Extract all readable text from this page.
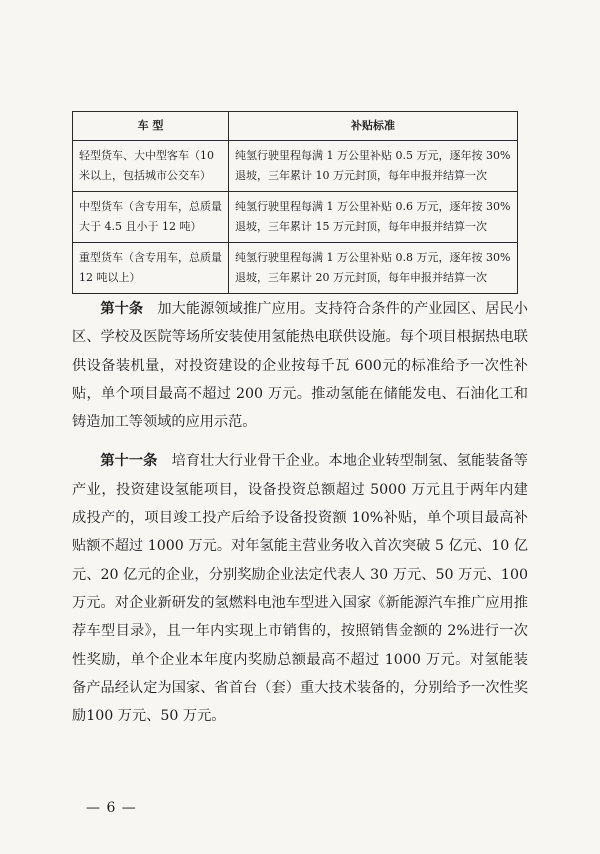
车 型	补贴标准
轻型货车、大中型客车（10米以上，包括城市公交车）	纯氢行驶里程每满 1 万公里补贴 0.5 万元，逐年按 30%退坡，三年累计 10 万元封顶，每年申报并结算一次
中型货车（含专用车，总质量大于 4.5 且小于 12 吨）	纯氢行驶里程每满 1 万公里补贴 0.6 万元，逐年按 30%退坡，三年累计 15 万元封顶，每年申报并结算一次
重型货车（含专用车，总质量 12 吨以上）	纯氢行驶里程每满 1 万公里补贴 0.8 万元，逐年按 30%退坡，三年累计 20 万元封顶，每年申报并结算一次

第十条  加大能源领域推广应用。支持符合条件的产业园区、居民小区、学校及医院等场所安装使用氢能热电联供设施。每个项目根据热电联供设备装机量，对投资建设的企业按每千瓦 600元的标准给予一次性补贴，单个项目最高不超过 200 万元。推动氢能在储能发电、石油化工和铸造加工等领域的应用示范。

第十一条  培育壮大行业骨干企业。本地企业转型制氢、氢能装备等产业，投资建设氢能项目，设备投资总额超过 5000 万元且于两年内建成投产的，项目竣工投产后给予设备投资额 10%补贴，单个项目最高补贴额不超过 1000 万元。对年氢能主营业务收入首次突破 5 亿元、10 亿元、20 亿元的企业，分别奖励企业法定代表人 30 万元、50 万元、100 万元。对企业新研发的氢燃料电池车型进入国家《新能源汽车推广应用推荐车型目录》，且一年内实现上市销售的，按照销售金额的 2%进行一次性奖励，单个企业本年度内奖励总额最高不超过 1000 万元。对氢能装备产品经认定为国家、省首台（套）重大技术装备的，分别给予一次性奖励100 万元、50 万元。

— 6 —
